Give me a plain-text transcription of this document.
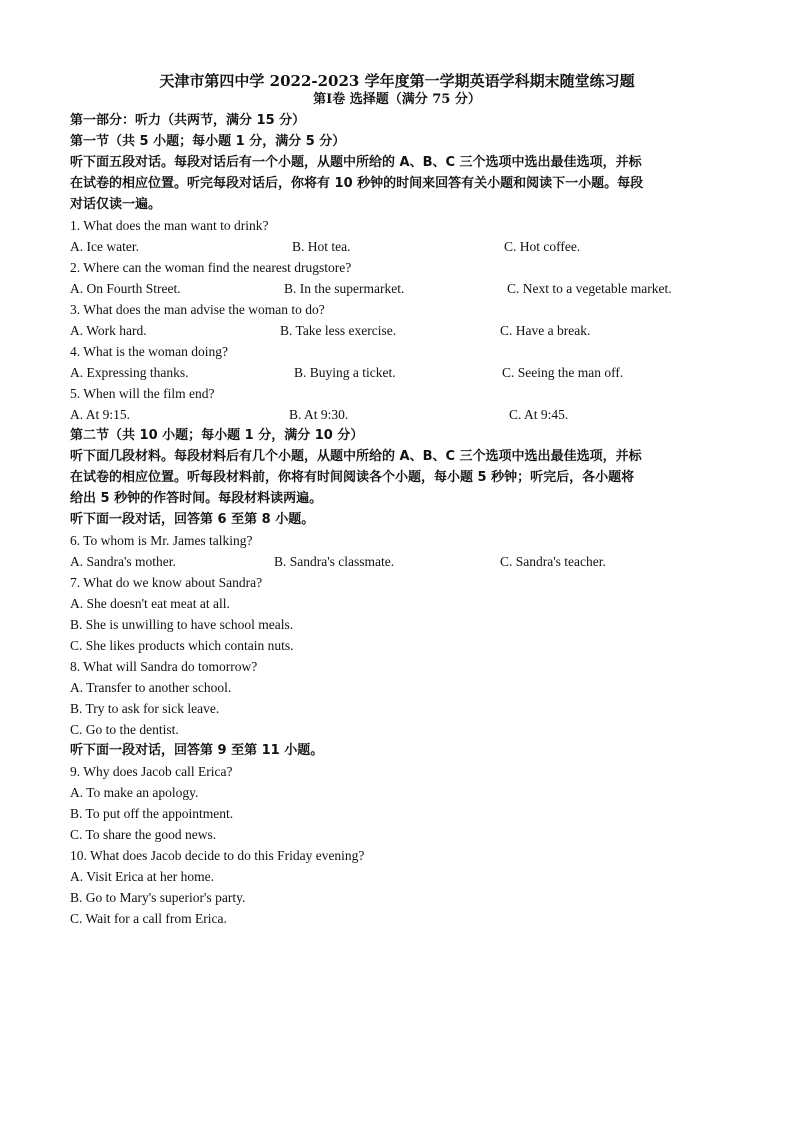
天津市第四中学 2022-2023 学年度第一学期英语学科期末随堂练习题
第Ⅰ卷 选择题（满分 75 分）
第一部分：听力（共两节，满分 15 分）
第一节（共 5 小题；每小题 1 分，满分 5 分）
听下面五段对话。每段对话后有一个小题，从题中所给的 A、B、C 三个选项中选出最佳选项，并标
在试卷的相应位置。听完每段对话后，你将有 10 秒钟的时间来回答有关小题和阅读下一小题。每段
对话仅读一遍。
1. What does the man want to drink?
A. Ice water.	B. Hot tea.	C. Hot coffee.
2. Where can the woman find the nearest drugstore?
A. On Fourth Street.	B. In the supermarket.	C. Next to a vegetable market.
3. What does the man advise the woman to do?
A. Work hard.	B. Take less exercise.	C. Have a break.
4. What is the woman doing?
A. Expressing thanks.	B. Buying a ticket.	C. Seeing the man off.
5. When will the film end?
A. At 9:15.	B. At 9:30.	C. At 9:45.
第二节（共 10 小题；每小题 1 分，满分 10 分）
听下面几段材料。每段材料后有几个小题，从题中所给的 A、B、C 三个选项中选出最佳选项，并标
在试卷的相应位置。听每段材料前，你将有时间阅读各个小题，每小题 5 秒钟；听完后，各小题将
给出 5 秒钟的作答时间。每段材料读两遍。
听下面一段对话，回答第 6 至第 8 小题。
6. To whom is Mr. James talking?
A. Sandra's mother.	B. Sandra's classmate.	C. Sandra's teacher.
7. What do we know about Sandra?
A. She doesn't eat meat at all.
B. She is unwilling to have school meals.
C. She likes products which contain nuts.
8. What will Sandra do tomorrow?
A. Transfer to another school.
B. Try to ask for sick leave.
C. Go to the dentist.
听下面一段对话，回答第 9 至第 11 小题。
9. Why does Jacob call Erica?
A. To make an apology.
B. To put off the appointment.
C. To share the good news.
10. What does Jacob decide to do this Friday evening?
A. Visit Erica at her home.
B. Go to Mary's superior's party.
C. Wait for a call from Erica.
